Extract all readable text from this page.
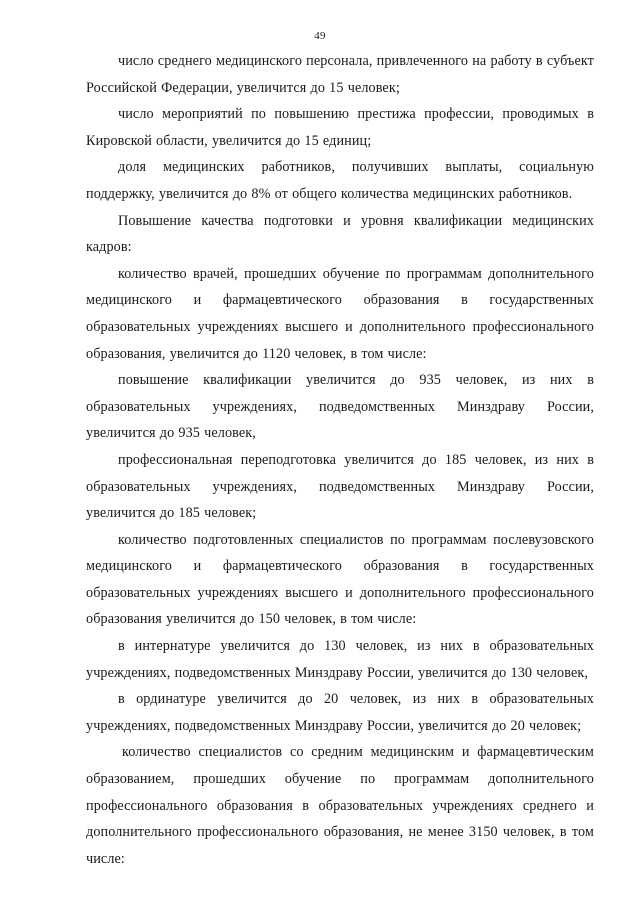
49

число среднего медицинского персонала, привлеченного на работу в субъект Российской Федерации, увеличится до 15 человек;

число мероприятий по повышению престижа профессии, проводимых в Кировской области, увеличится до 15 единиц;

доля медицинских работников, получивших выплаты, социальную поддержку, увеличится до 8% от общего количества медицинских работников.

Повышение качества подготовки и уровня квалификации медицинских кадров:

количество врачей, прошедших обучение по программам дополнительного медицинского и фармацевтического образования в государственных образовательных учреждениях высшего и дополнительного профессионального образования, увеличится до 1120 человек, в том числе:

повышение квалификации увеличится до 935 человек, из них в образовательных учреждениях, подведомственных Минздраву России, увеличится до 935 человек,

профессиональная переподготовка увеличится до 185 человек, из них в образовательных учреждениях, подведомственных Минздраву России, увеличится до 185 человек;

количество подготовленных специалистов по программам послевузовского медицинского и фармацевтического образования в государственных образовательных учреждениях высшего и дополнительного профессионального образования увеличится до 150 человек, в том числе:

в интернатуре увеличится до 130 человек, из них в образовательных учреждениях, подведомственных Минздраву России, увеличится до 130 человек,

в ординатуре увеличится до 20 человек, из них в образовательных учреждениях, подведомственных Минздраву России, увеличится до 20 человек;

количество специалистов со средним медицинским и фармацевтическим образованием, прошедших обучение по программам дополнительного профессионального образования в образовательных учреждениях среднего и дополнительного профессионального образования, не менее 3150 человек, в том числе:
